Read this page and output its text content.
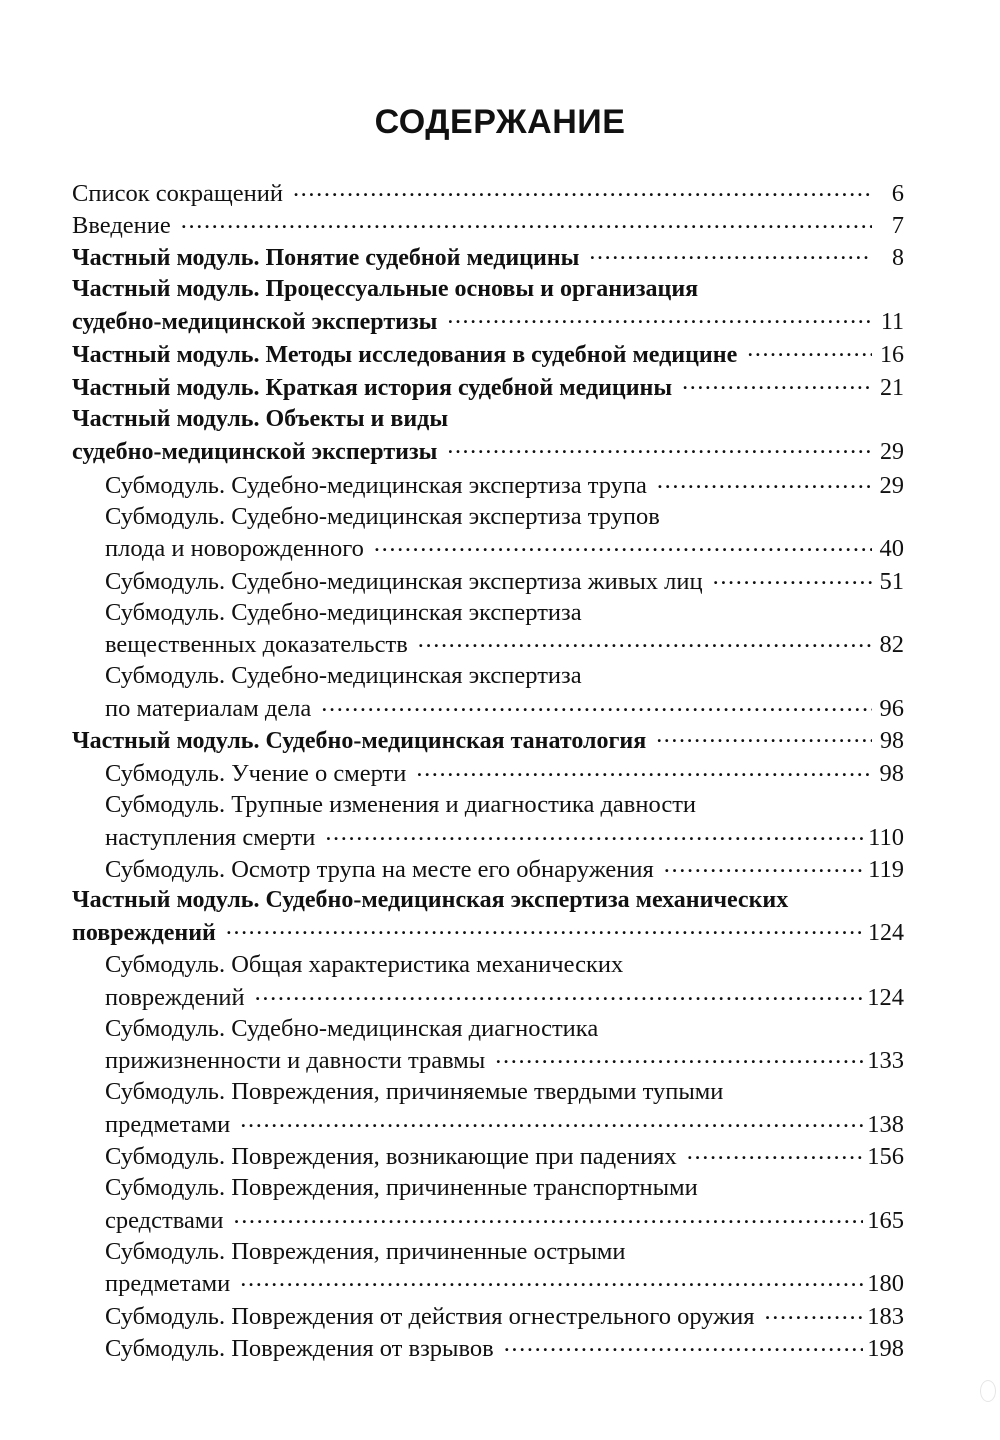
СОДЕРЖАНИЕ
Список сокращений .....	6
Введение .....	7
Частный модуль. Понятие судебной медицины .....	8
Частный модуль. Процессуальные основы и организация
судебно-медицинской экспертизы .....	11
Частный модуль. Методы исследования в судебной медицине .....	16
Частный модуль. Краткая история судебной медицины .....	21
Частный модуль. Объекты и виды
судебно-медицинской экспертизы .....	29
Субмодуль. Судебно-медицинская экспертиза трупа .....	29
Субмодуль. Судебно-медицинская экспертиза трупов
плода и новорожденного .....	40
Субмодуль. Судебно-медицинская экспертиза живых лиц .....	51
Субмодуль. Судебно-медицинская экспертиза
вещественных доказательств .....	82
Субмодуль. Судебно-медицинская экспертиза
по материалам дела .....	96
Частный модуль. Судебно-медицинская танатология .....	98
Субмодуль. Учение о смерти .....	98
Субмодуль. Трупные изменения и диагностика давности
наступления смерти .....	110
Субмодуль. Осмотр трупа на месте его обнаружения .....	119
Частный модуль. Судебно-медицинская экспертиза механических
повреждений .....	124
Субмодуль. Общая характеристика механических
повреждений .....	124
Субмодуль. Судебно-медицинская диагностика
прижизненности и давности травмы .....	133
Субмодуль. Повреждения, причиняемые твердыми тупыми
предметами .....	138
Субмодуль. Повреждения, возникающие при падениях .....	156
Субмодуль. Повреждения, причиненные транспортными
средствами .....	165
Субмодуль. Повреждения, причиненные острыми
предметами .....	180
Субмодуль. Повреждения от действия огнестрельного оружия .....	183
Субмодуль. Повреждения от взрывов .....	198
